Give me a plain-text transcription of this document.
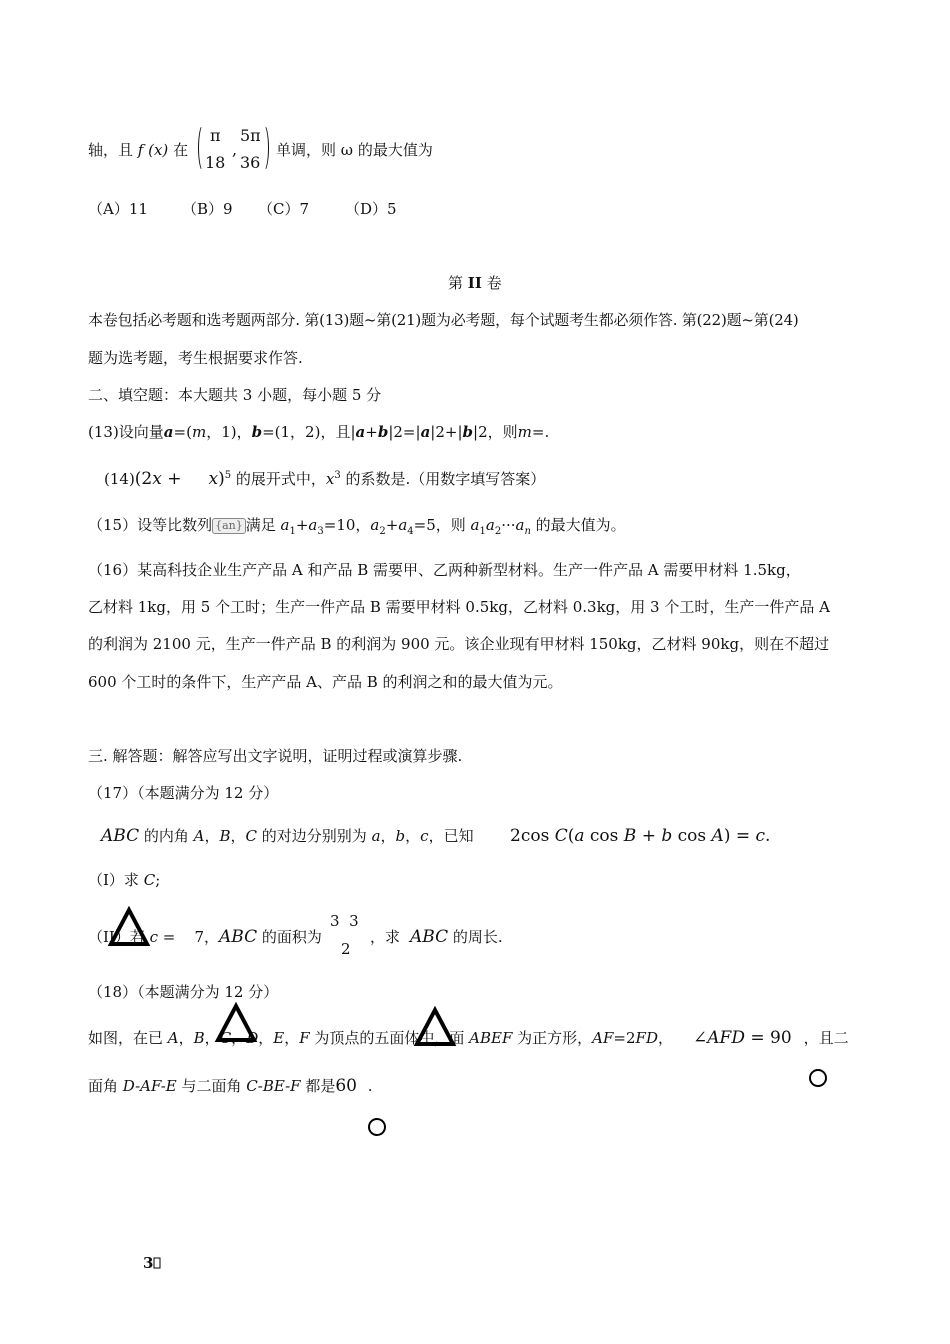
轴，且 f (x) 在
π
18
,
5π
36
单调，则 ω 的最大值为
（A）11 （B）9 （C）7 （D）5
第 II 卷
本卷包括必考题和选考题两部分. 第(13)题~第(21)题为必考题，每个试题考生都必须作答. 第(22)题~第(24)
题为选考题，考生根据要求作答.
二、填空题：本大题共 3 小题，每小题 5 分
(13)设向量a=(m，1)，b=(1，2)，且|a+b|2=|a|2+|b|2，则m=.
(14)(2x +     x)$^5$ 的展开式中，$x^3$ 的系数是.（用数字填写答案）
（15）设等比数列 {an} 满足 $a_1+a_3=10$，$a_2+a_4=5$，则 $a_1a_2\cdot\cdot\cdot a_n$ 的最大值为。
（16）某高科技企业生产产品 A 和产品 B 需要甲、乙两种新型材料。生产一件产品 A 需要甲材料 1.5kg，
乙材料 1kg，用 5 个工时；生产一件产品 B 需要甲材料 0.5kg，乙材料 0.3kg，用 3 个工时，生产一件产品 A
的利润为 2100 元，生产一件产品 B 的利润为 900 元。该企业现有甲材料 150kg，乙材料 90kg，则在不超过
600 个工时的条件下，生产产品 A、产品 B 的利润之和的最大值为元。
三. 解答题：解答应写出文字说明，证明过程或演算步骤.
（17）（本题满分为 12 分）
ABC 的内角 A，B，C 的对边分别别为 a，b，c，已知 2cos C(a cos B + b cos A) = c.
（I）求 C;
（II）若 c =    7，ABC 的面积为
3  3
2
，求 ABC 的周长.
（18）（本题满分为 12 分）
如图，在已 A，B，C，D，E，F 为顶点的五面体中，面 ABEF 为正方形，AF=2FD， ∠AFD = 90 ，且二
面角 D-AF-E 与二面角 C-BE-F 都是60 .
3
